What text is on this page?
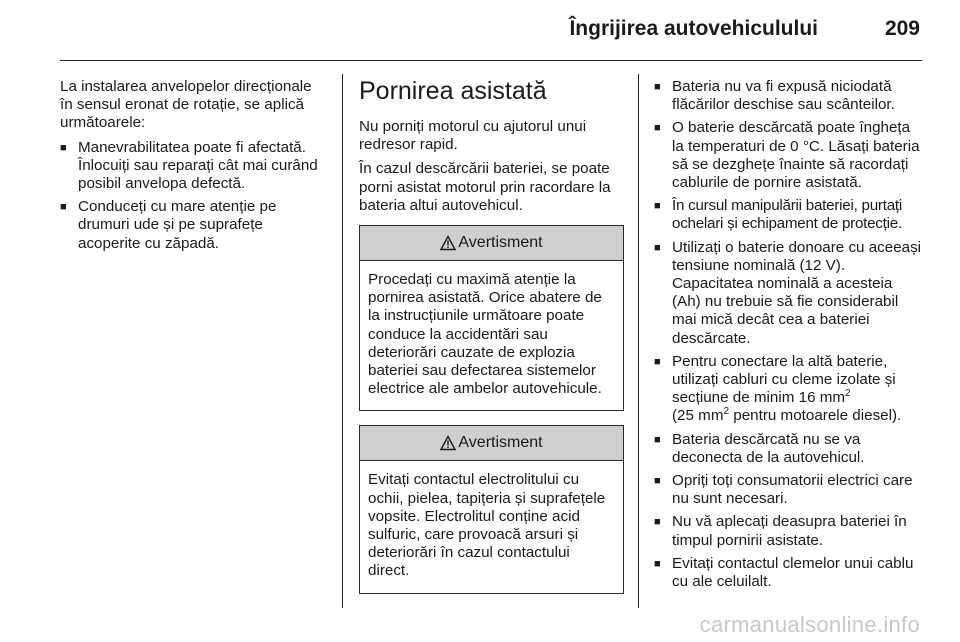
Îngrijirea autovehiculului	209

La instalarea anvelopelor direcționale în sensul eronat de rotație, se aplică următoarele:

■ Manevrabilitatea poate fi afectată. Înlocuiți sau reparați cât mai curând posibil anvelopa defectă.
■ Conduceți cu mare atenție pe drumuri ude și pe suprafețe acoperite cu zăpadă.
Pornirea asistată

Nu porniți motorul cu ajutorul unui redresor rapid.

În cazul descărcării bateriei, se poate porni asistat motorul prin racordare la bateria altui autovehicul.

Avertisment
Procedați cu maximă atenție la pornirea asistată. Orice abatere de la instrucțiunile următoare poate conduce la accidentări sau deteriorări cauzate de explozia bateriei sau defectarea sistemelor electrice ale ambelor autovehicule.
Avertisment
Evitați contactul electrolitului cu ochii, pielea, tapițeria și suprafețele vopsite. Electrolitul conține acid sulfuric, care provoacă arsuri și deteriorări în cazul contactului direct.
■ Bateria nu va fi expusă niciodată flăcărilor deschise sau scânteilor.
■ O baterie descărcată poate îngheța la temperaturi de 0 °C. Lăsați bateria să se dezghețe înainte să racordați cablurile de pornire asistată.
■ În cursul manipulării bateriei, purtați ochelari și echipament de protecție.
■ Utilizați o baterie donoare cu aceeași tensiune nominală (12 V). Capacitatea nominală a acesteia (Ah) nu trebuie să fie considerabil mai mică decât cea a bateriei descărcate.
■ Pentru conectare la altă baterie, utilizați cabluri cu cleme izolate și secțiune de minim 16 $mm^2$
(25 $mm^2$ pentru motoarele diesel).
■ Bateria descărcată nu se va deconecta de la autovehicul.
■ Opriți toți consumatorii electrici care nu sunt necesari.
■ Nu vă aplecați deasupra bateriei în timpul pornirii asistate.
■ Evitați contactul clemelor unui cablu cu ale celuilalt.
carmanualsonline.info
